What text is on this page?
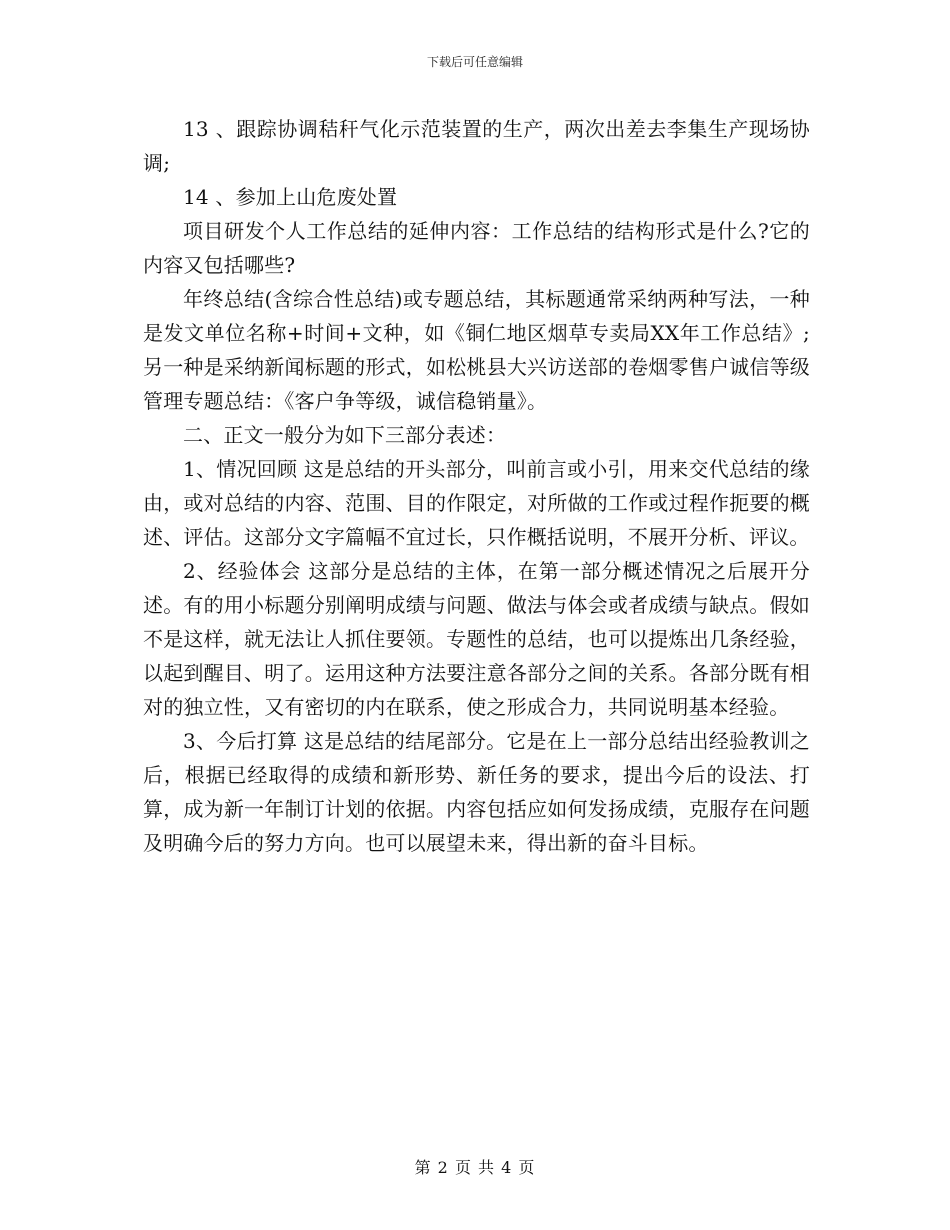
下载后可任意编辑

13 、跟踪协调秸秆气化示范装置的生产，两次出差去李集生产现场协调;

14 、参加上山危废处置

项目研发个人工作总结的延伸内容：工作总结的结构形式是什么?它的内容又包括哪些?

年终总结(含综合性总结)或专题总结，其标题通常采纳两种写法，一种是发文单位名称+时间+文种，如《铜仁地区烟草专卖局XX年工作总结》;另一种是采纳新闻标题的形式，如松桃县大兴访送部的卷烟零售户诚信等级管理专题总结：《客户争等级，诚信稳销量》。

二、正文一般分为如下三部分表述：

1、情况回顾 这是总结的开头部分，叫前言或小引，用来交代总结的缘由，或对总结的内容、范围、目的作限定，对所做的工作或过程作扼要的概述、评估。这部分文字篇幅不宜过长，只作概括说明，不展开分析、评议。

2、经验体会 这部分是总结的主体，在第一部分概述情况之后展开分述。有的用小标题分别阐明成绩与问题、做法与体会或者成绩与缺点。假如不是这样，就无法让人抓住要领。专题性的总结，也可以提炼出几条经验，以起到醒目、明了。运用这种方法要注意各部分之间的关系。各部分既有相对的独立性，又有密切的内在联系，使之形成合力，共同说明基本经验。

3、今后打算 这是总结的结尾部分。它是在上一部分总结出经验教训之后，根据已经取得的成绩和新形势、新任务的要求，提出今后的设法、打算，成为新一年制订计划的依据。内容包括应如何发扬成绩，克服存在问题及明确今后的努力方向。也可以展望未来，得出新的奋斗目标。

第 2 页 共 4 页
